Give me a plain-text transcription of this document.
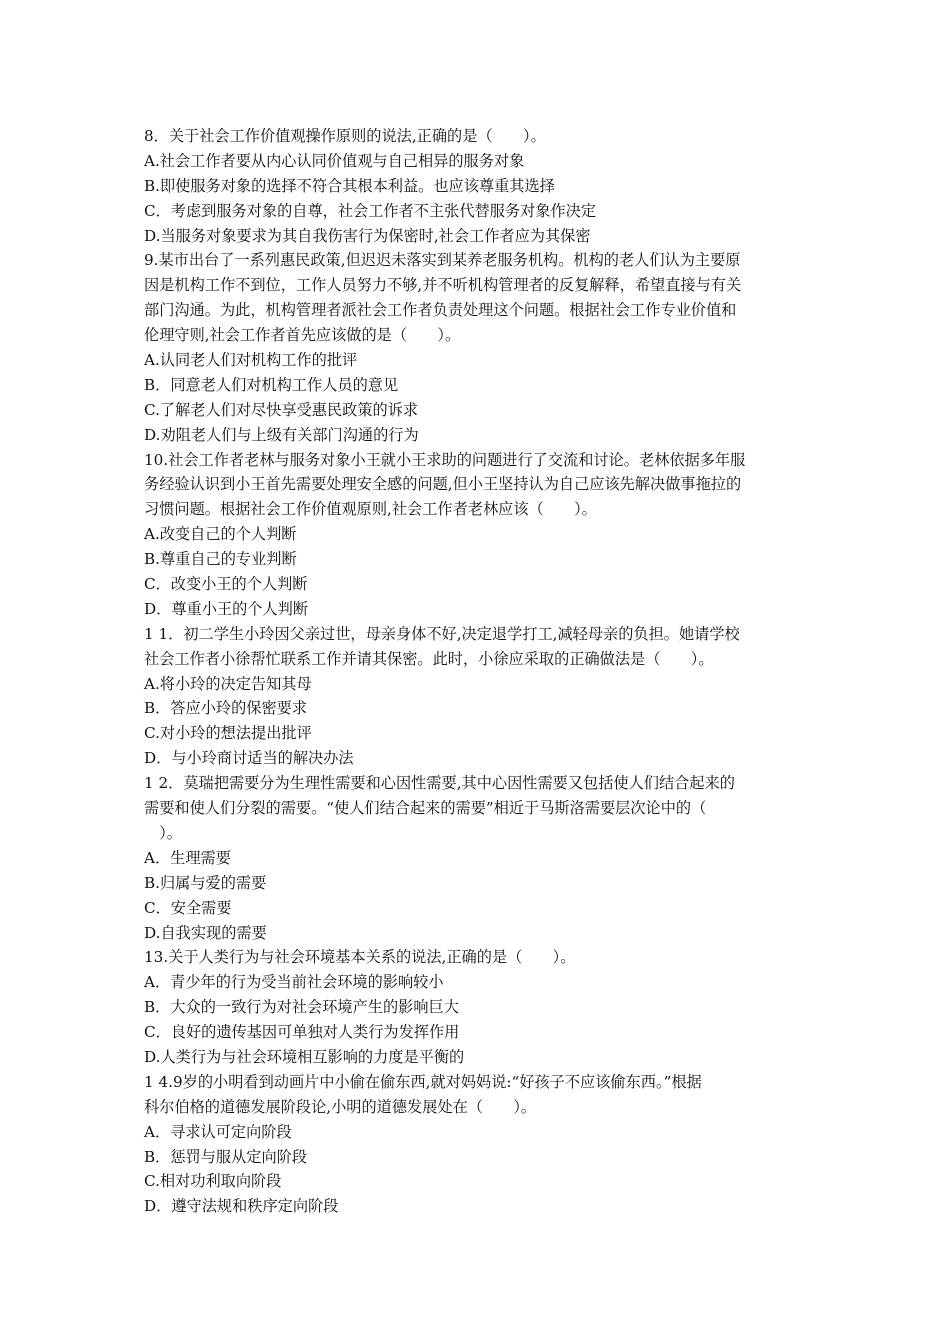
8．关于社会工作价值观操作原则的说法,正确的是（　　）。
A.社会工作者要从内心认同价值观与自己相异的服务对象
B.即使服务对象的选择不符合其根本利益。也应该尊重其选择
C．考虑到服务对象的自尊，社会工作者不主张代替服务对象作决定
D.当服务对象要求为其自我伤害行为保密时,社会工作者应为其保密
9.某市出台了一系列惠民政策,但迟迟未落实到某养老服务机构。机构的老人们认为主要原
因是机构工作不到位，工作人员努力不够,并不听机构管理者的反复解释，希望直接与有关
部门沟通。为此，机构管理者派社会工作者负责处理这个问题。根据社会工作专业价值和
伦理守则,社会工作者首先应该做的是（　　）。
A.认同老人们对机构工作的批评
B．同意老人们对机构工作人员的意见
C.了解老人们对尽快享受惠民政策的诉求
D.劝阻老人们与上级有关部门沟通的行为
10.社会工作者老林与服务对象小王就小王求助的问题进行了交流和讨论。老林依据多年服
务经验认识到小王首先需要处理安全感的问题,但小王坚持认为自己应该先解决做事拖拉的
习惯问题。根据社会工作价值观原则,社会工作者老林应该（　　）。
A.改变自己的个人判断
B.尊重自己的专业判断
C．改变小王的个人判断
D．尊重小王的个人判断
1 1．初二学生小玲因父亲过世，母亲身体不好,决定退学打工,减轻母亲的负担。她请学校
社会工作者小徐帮忙联系工作并请其保密。此时，小徐应采取的正确做法是（　　）。
A.将小玲的决定告知其母
B．答应小玲的保密要求
C.对小玲的想法提出批评
D．与小玲商讨适当的解决办法
1 2．莫瑞把需要分为生理性需要和心因性需要,其中心因性需要又包括使人们结合起来的
需要和使人们分裂的需要。“使人们结合起来的需要”相近于马斯洛需要层次论中的（
　）。
A．生理需要
B.归属与爱的需要
C．安全需要
D.自我实现的需要
13.关于人类行为与社会环境基本关系的说法,正确的是（　　）。
A．青少年的行为受当前社会环境的影响较小
B．大众的一致行为对社会环境产生的影响巨大
C．良好的遗传基因可单独对人类行为发挥作用
D.人类行为与社会环境相互影响的力度是平衡的
1 4.9岁的小明看到动画片中小偷在偷东西,就对妈妈说:“好孩子不应该偷东西。”根据
科尔伯格的道德发展阶段论,小明的道德发展处在（　　）。
A．寻求认可定向阶段
B．惩罚与服从定向阶段
C.相对功利取向阶段
D．遵守法规和秩序定向阶段
